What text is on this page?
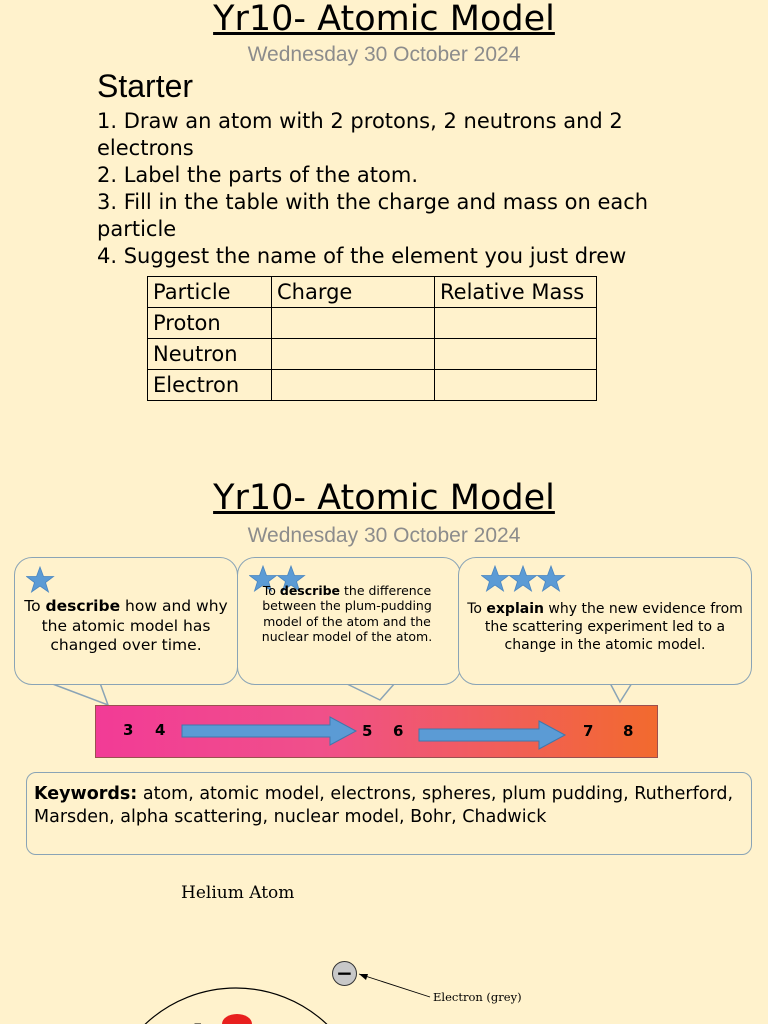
Yr10- Atomic Model
Wednesday 30 October 2024
Starter
1. Draw an atom with 2 protons, 2 neutrons and 2 electrons
2. Label the parts of the atom.
3. Fill in the table with the charge and mass on each particle
4. Suggest the name of the element you just drew
Particle	Charge	Relative Mass
Proton		
Neutron		
Electron		
Yr10- Atomic Model
Wednesday 30 October 2024
To describe how and why the atomic model has changed over time.
To describe the difference between the plum-pudding model of the atom and the nuclear model of the atom.
To explain why the new evidence from the scattering experiment led to a change in the atomic model.
3 4	5 6	7 8
Keywords: atom, atomic model, electrons, spheres, plum pudding, Rutherford, Marsden, alpha scattering, nuclear model, Bohr, Chadwick
Helium Atom
−
Electron (grey)
